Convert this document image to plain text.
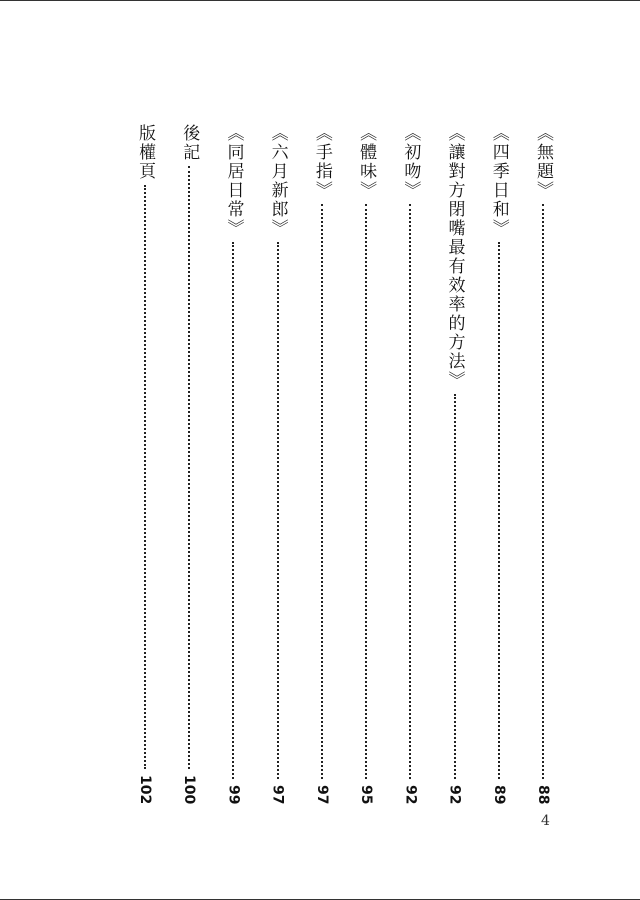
《無題》
88
《四季日和》
89
《讓對方閉嘴最有效率的方法》
92
《初吻》
92
《體味》
95
《手指》
97
《六月新郎》
97
《同居日常》
99
後記
100
版權頁
102
4
